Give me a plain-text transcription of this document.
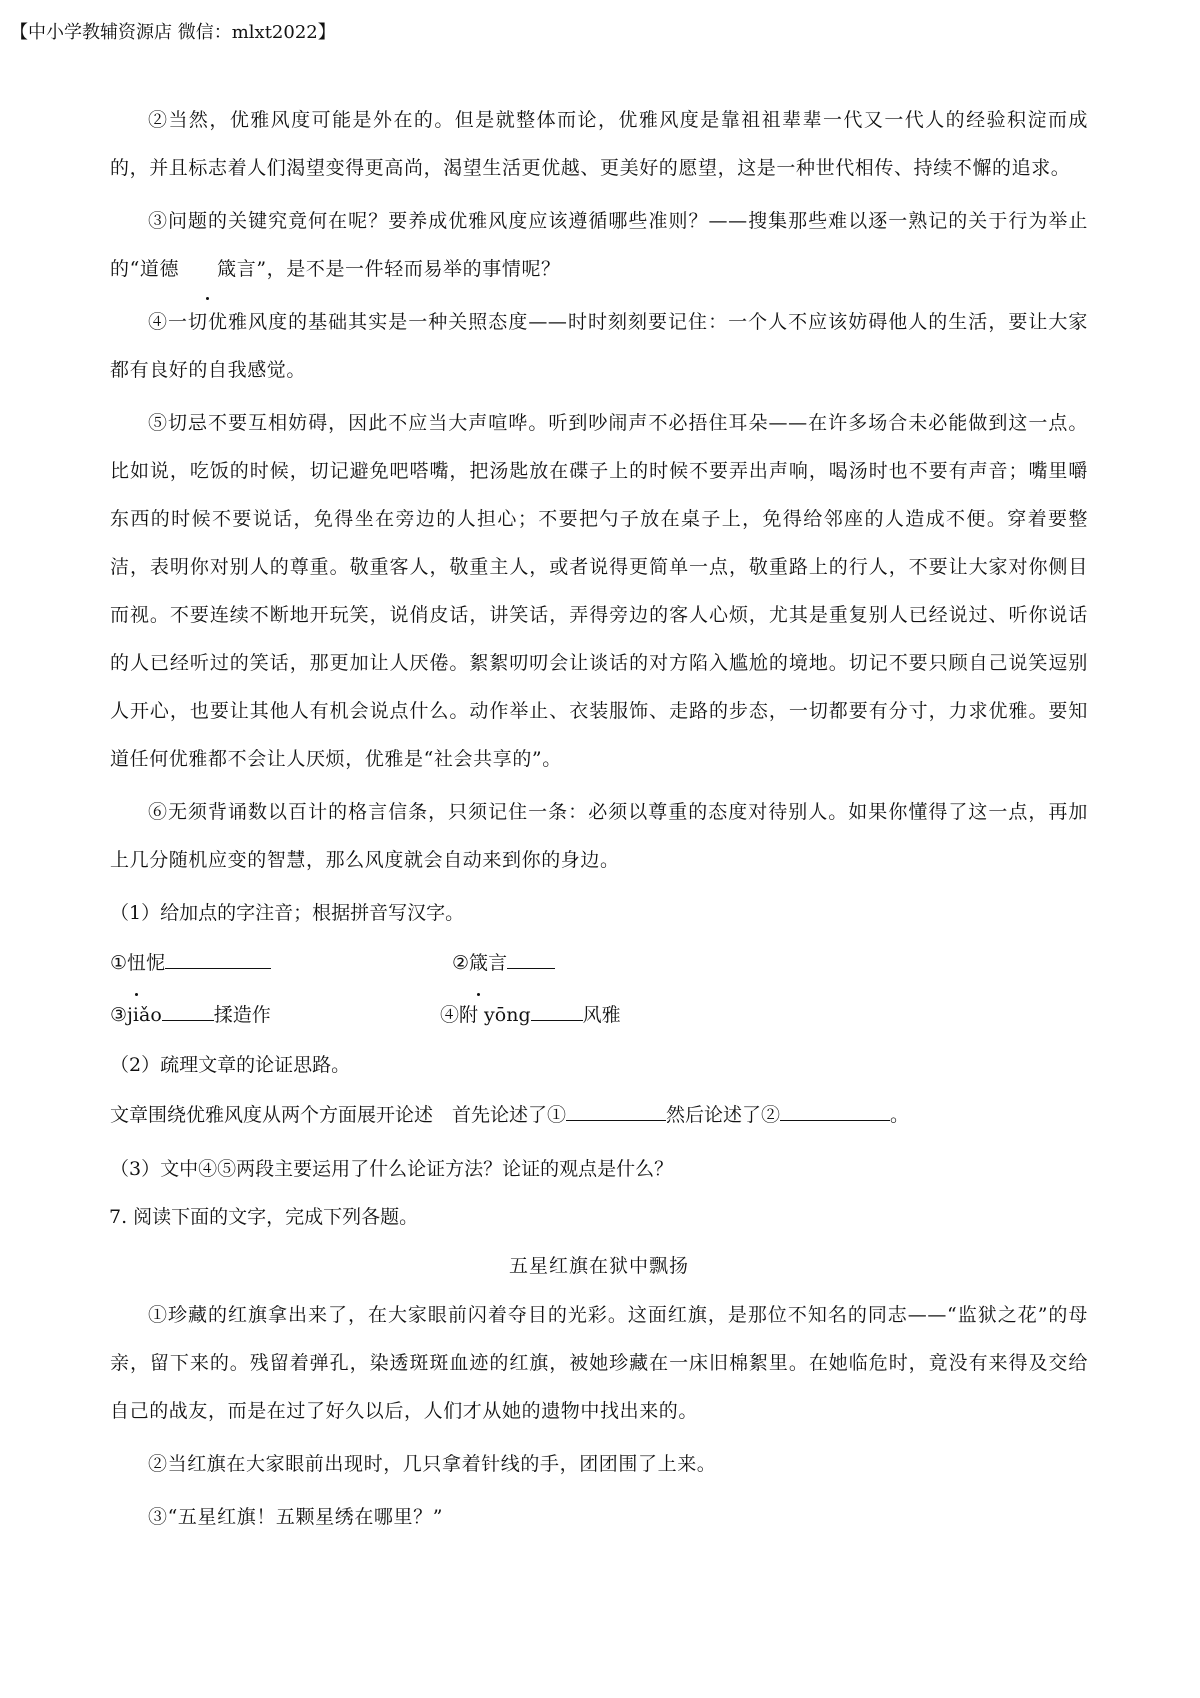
【中小学教辅资源店 微信：mlxt2022】

②当然，优雅风度可能是外在的。但是就整体而论，优雅风度是靠祖祖辈辈一代又一代人的经验积淀而成的，并且标志着人们渴望变得更高尚，渴望生活更优越、更美好的愿望，这是一种世代相传、持续不懈的追求。

③问题的关键究竟何在呢？要养成优雅风度应该遵循哪些准则？——搜集那些难以逐一熟记的关于行为举止的“道德 箴言”，是不是一件轻而易举的事情呢？

④一切优雅风度的基础其实是一种关照态度——时时刻刻要记住：一个人不应该妨碍他人的生活，要让大家都有良好的自我感觉。

⑤切忌不要互相妨碍，因此不应当大声喧哗。听到吵闹声不必捂住耳朵——在许多场合未必能做到这一点。比如说，吃饭的时候，切记避免吧嗒嘴，把汤匙放在碟子上的时候不要弄出声响，喝汤时也不要有声音；嘴里嚼东西的时候不要说话，免得坐在旁边的人担心；不要把勺子放在桌子上，免得给邻座的人造成不便。穿着要整洁，表明你对别人的尊重。敬重客人，敬重主人，或者说得更简单一点，敬重路上的行人，不要让大家对你侧目而视。不要连续不断地开玩笑，说俏皮话，讲笑话，弄得旁边的客人心烦，尤其是重复别人已经说过、听你说话的人已经听过的笑话，那更加让人厌倦。絮絮叨叨会让谈话的对方陷入尴尬的境地。切记不要只顾自己说笑逗别人开心，也要让其他人有机会说点什么。动作举止、衣装服饰、走路的步态，一切都要有分寸，力求优雅。要知道任何优雅都不会让人厌烦，优雅是“社会共享的”。

⑥无须背诵数以百计的格言信条，只须记住一条：必须以尊重的态度对待别人。如果你懂得了这一点，再加上几分随机应变的智慧，那么风度就会自动来到你的身边。

（1）给加点的字注音；根据拼音写汉字。

①忸怩	②箴言
③jiǎo	揉造作	④附 yōng	风雅

（2）疏理文章的论证思路。

文章围绕优雅风度从两个方面展开论述　首先论述了①	然后论述了②	。

（3）文中④⑤两段主要运用了什么论证方法？论证的观点是什么？

7. 阅读下面的文字，完成下列各题。

五星红旗在狱中飘扬

①珍藏的红旗拿出来了，在大家眼前闪着夺目的光彩。这面红旗，是那位不知名的同志——“监狱之花”的母亲，留下来的。残留着弹孔，染透斑斑血迹的红旗，被她珍藏在一床旧棉絮里。在她临危时，竟没有来得及交给自己的战友，而是在过了好久以后，人们才从她的遗物中找出来的。

②当红旗在大家眼前出现时，几只拿着针线的手，团团围了上来。

③“五星红旗！五颗星绣在哪里？”
